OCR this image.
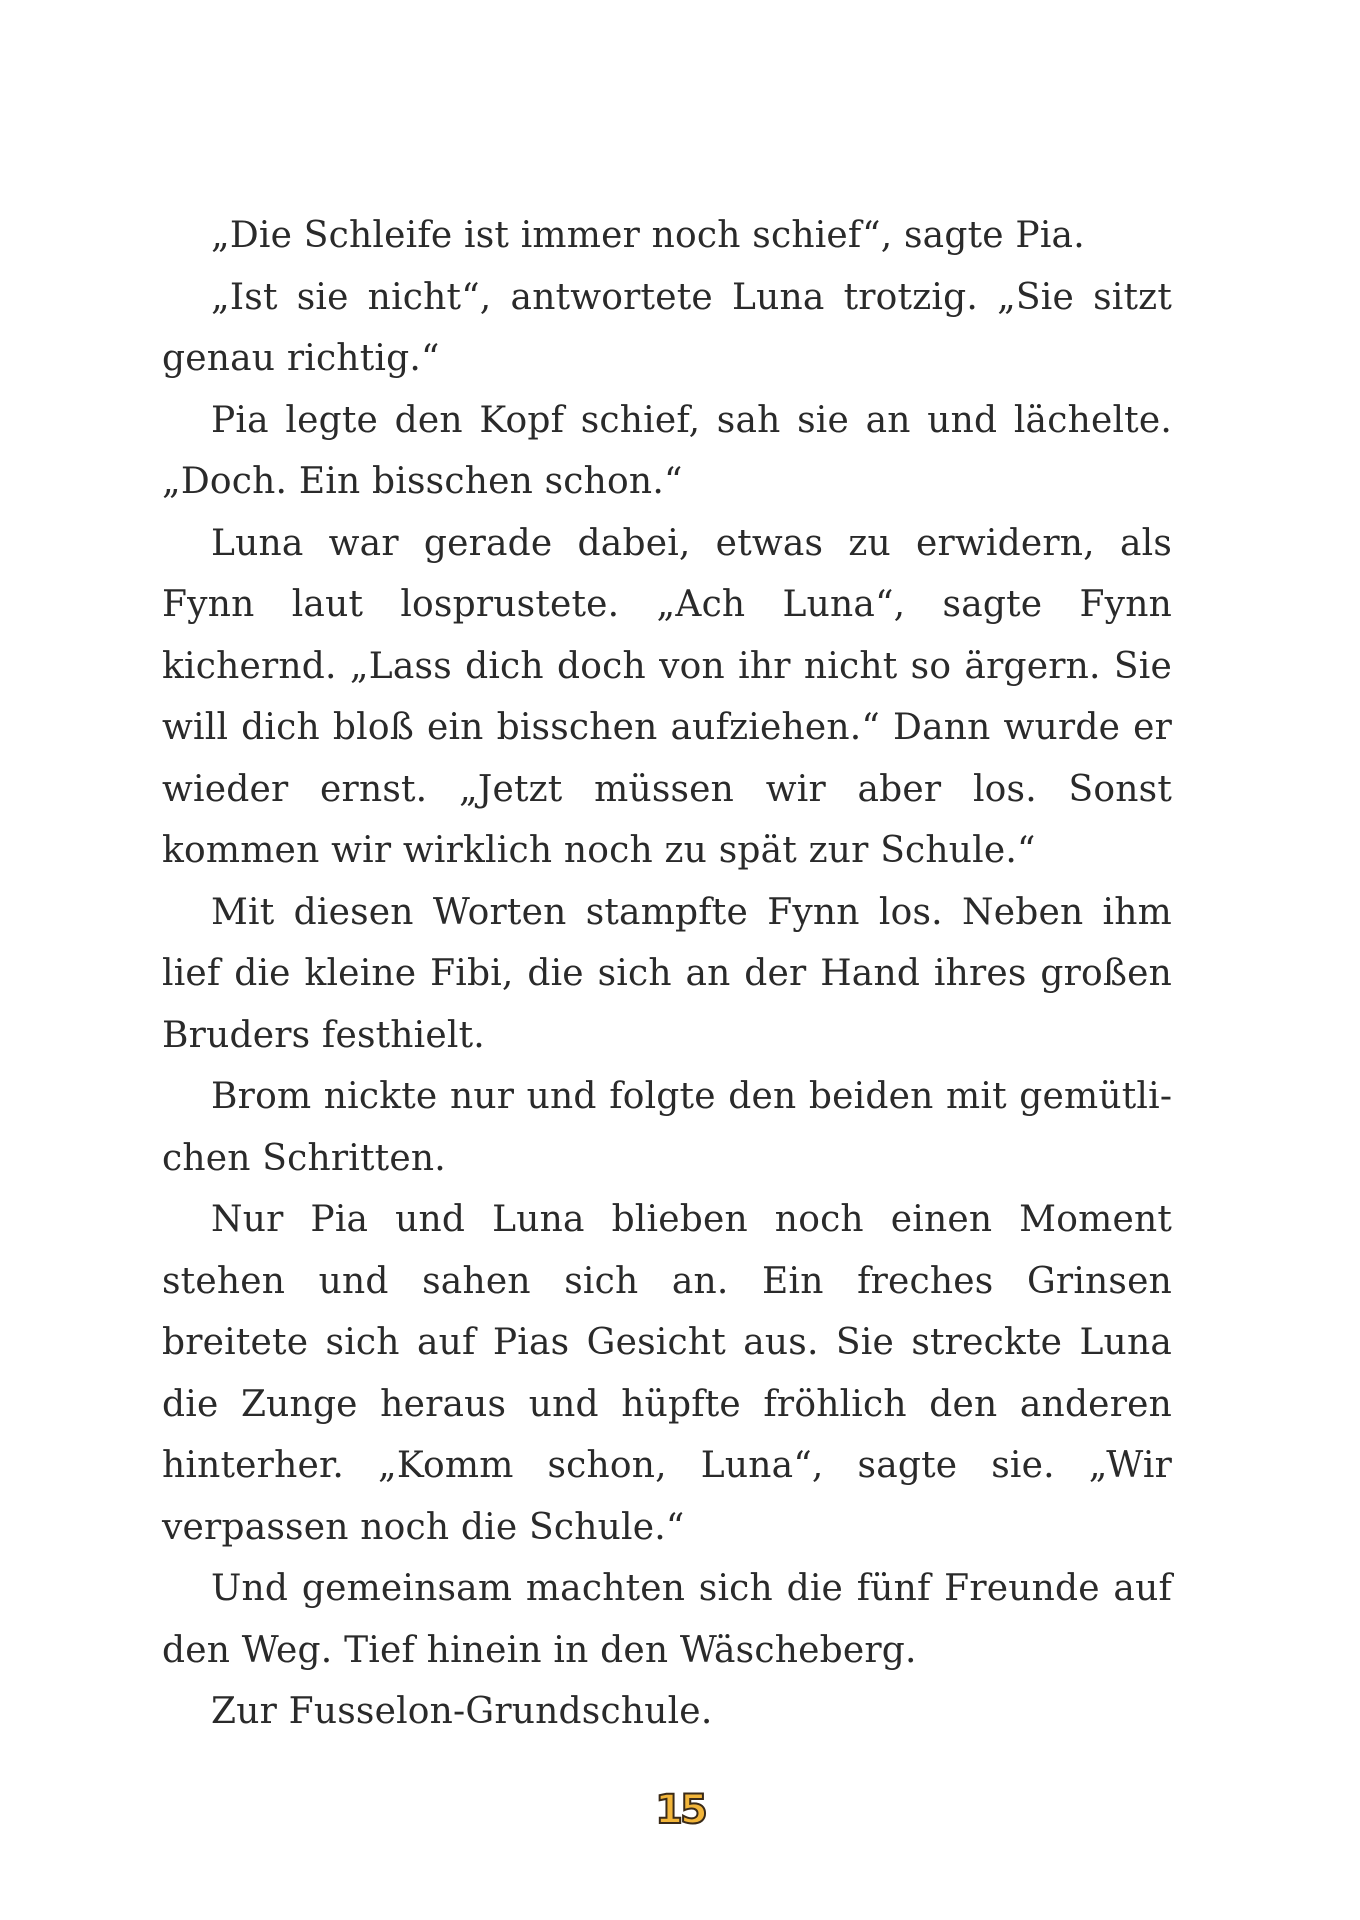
„Die Schleife ist immer noch schief“, sagte Pia.

„Ist sie nicht“, antwortete Luna trotzig. „Sie sitzt genau richtig.“

Pia legte den Kopf schief, sah sie an und lächelte. „Doch. Ein bisschen schon.“

Luna war gerade dabei, etwas zu erwidern, als Fynn laut losprustete. „Ach Luna“, sagte Fynn kichernd. „Lass dich doch von ihr nicht so ärgern. Sie will dich bloß ein bisschen aufziehen.“ Dann wurde er wieder ernst. „Jetzt müssen wir aber los. Sonst kommen wir wirklich noch zu spät zur Schule.“

Mit diesen Worten stampfte Fynn los. Neben ihm lief die kleine Fibi, die sich an der Hand ihres großen Bruders festhielt.

Brom nickte nur und folgte den beiden mit gemütlichen Schritten.

Nur Pia und Luna blieben noch einen Moment stehen und sahen sich an. Ein freches Grinsen breitete sich auf Pias Gesicht aus. Sie streckte Luna die Zunge heraus und hüpfte fröhlich den anderen hinterher. „Komm schon, Luna“, sagte sie. „Wir verpassen noch die Schule.“

Und gemeinsam machten sich die fünf Freunde auf den Weg. Tief hinein in den Wäscheberg.

Zur Fusselon-Grundschule.

15
